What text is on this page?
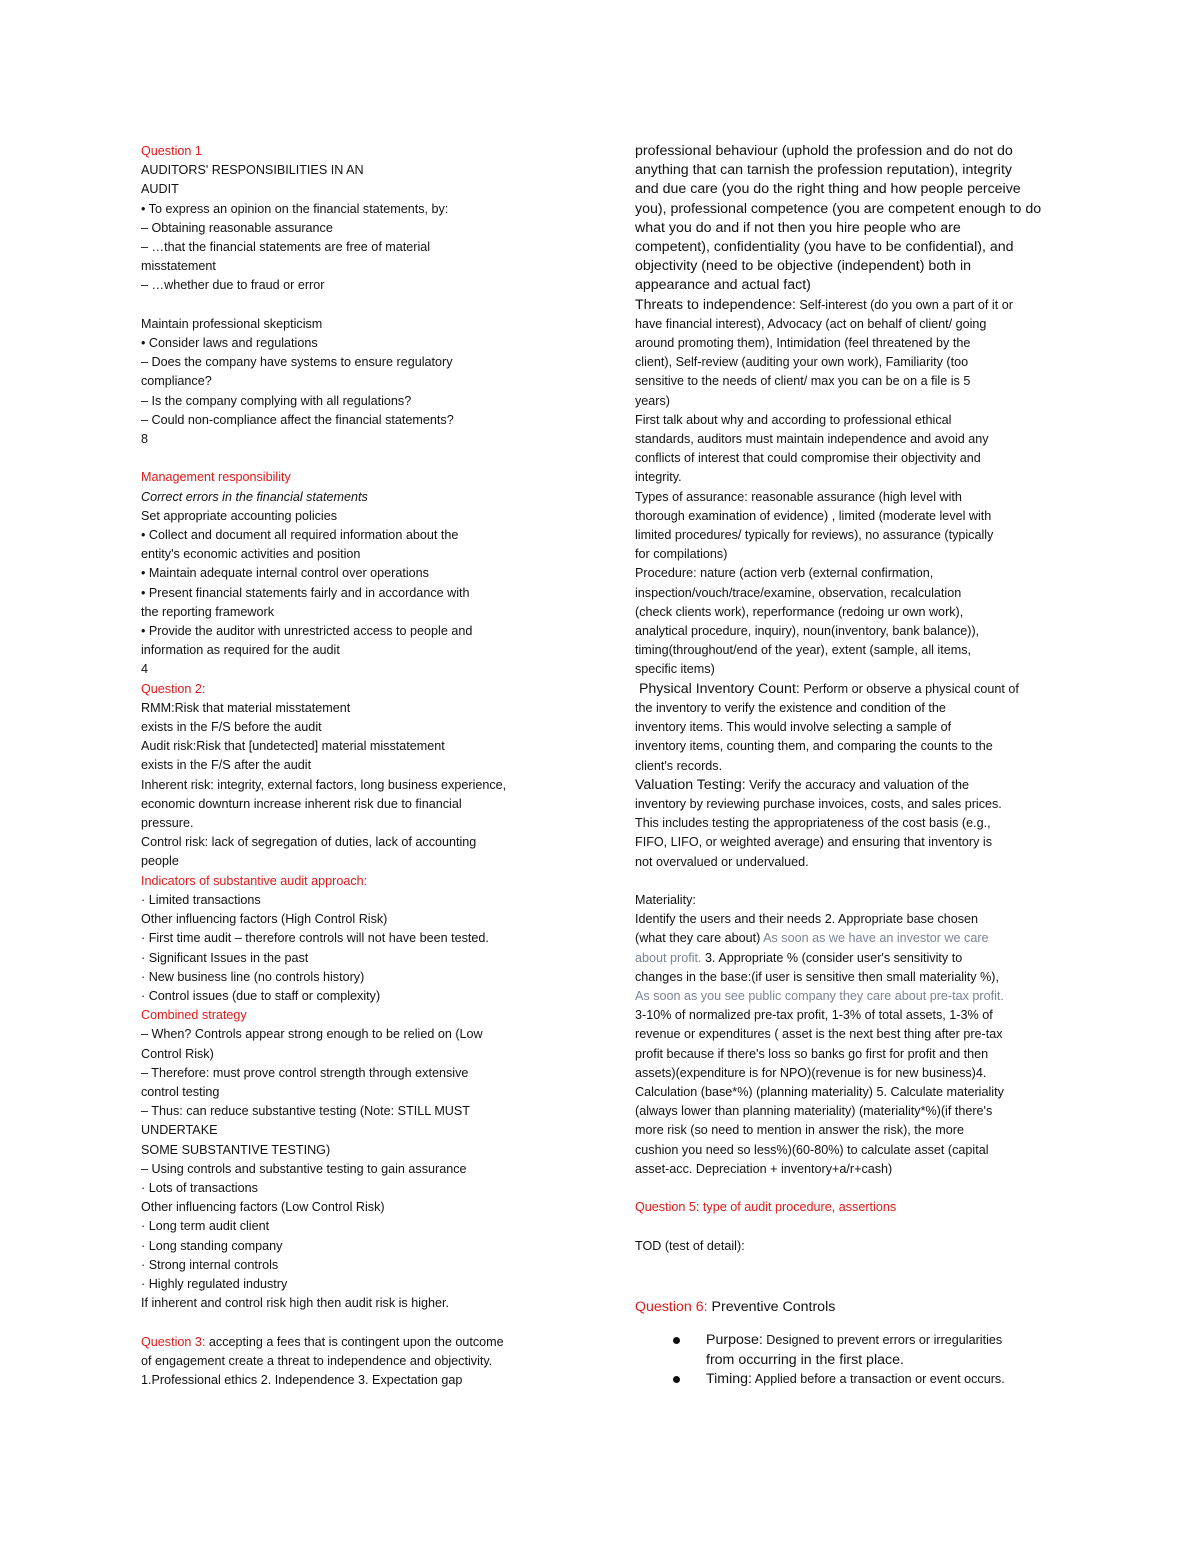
Question 1
AUDITORS' RESPONSIBILITIES IN AN
AUDIT
• To express an opinion on the financial statements, by:
– Obtaining reasonable assurance
– …that the financial statements are free of material
misstatement
– …whether due to fraud or error
Maintain professional skepticism
• Consider laws and regulations
– Does the company have systems to ensure regulatory
compliance?
– Is the company complying with all regulations?
– Could non-compliance affect the financial statements?
8
Management responsibility
Correct errors in the financial statements
Set appropriate accounting policies
• Collect and document all required information about the
entity's economic activities and position
• Maintain adequate internal control over operations
• Present financial statements fairly and in accordance with
the reporting framework
• Provide the auditor with unrestricted access to people and
information as required for the audit
4
Question 2:
RMM:Risk that material misstatement
exists in the F/S before the audit
Audit risk:Risk that [undetected] material misstatement
exists in the F/S after the audit
Inherent risk: integrity, external factors, long business experience,
economic downturn increase inherent risk due to financial
pressure.
Control risk: lack of segregation of duties, lack of accounting
people
Indicators of substantive audit approach:
· Limited transactions
Other influencing factors (High Control Risk)
· First time audit – therefore controls will not have been tested.
· Significant Issues in the past
· New business line (no controls history)
· Control issues (due to staff or complexity)
Combined strategy
– When? Controls appear strong enough to be relied on (Low
Control Risk)
– Therefore: must prove control strength through extensive
control testing
– Thus: can reduce substantive testing (Note: STILL MUST
UNDERTAKE
SOME SUBSTANTIVE TESTING)
– Using controls and substantive testing to gain assurance
· Lots of transactions
Other influencing factors (Low Control Risk)
· Long term audit client
· Long standing company
· Strong internal controls
· Highly regulated industry
If inherent and control risk high then audit risk is higher.
Question 3: accepting a fees that is contingent upon the outcome
of engagement create a threat to independence and objectivity.
1.Professional ethics 2. Independence 3. Expectation gap
professional behaviour (uphold the profession and do not do
anything that can tarnish the profession reputation), integrity
and due care (you do the right thing and how people perceive
you), professional competence (you are competent enough to do
what you do and if not then you hire people who are
competent), confidentiality (you have to be confidential), and
objectivity (need to be objective (independent) both in
appearance and actual fact)
Threats to independence: Self-interest (do you own a part of it or
have financial interest), Advocacy (act on behalf of client/ going
around promoting them), Intimidation (feel threatened by the
client), Self-review (auditing your own work), Familiarity (too
sensitive to the needs of client/ max you can be on a file is 5
years)
First talk about why and according to professional ethical
standards, auditors must maintain independence and avoid any
conflicts of interest that could compromise their objectivity and
integrity.
Types of assurance: reasonable assurance (high level with
thorough examination of evidence) , limited (moderate level with
limited procedures/ typically for reviews), no assurance (typically
for compilations)
Procedure: nature (action verb (external confirmation,
inspection/vouch/trace/examine, observation, recalculation
(check clients work), reperformance (redoing ur own work),
analytical procedure, inquiry), noun(inventory, bank balance)),
timing(throughout/end of the year), extent (sample, all items,
specific items)
Physical Inventory Count: Perform or observe a physical count of
the inventory to verify the existence and condition of the
inventory items. This would involve selecting a sample of
inventory items, counting them, and comparing the counts to the
client's records.
Valuation Testing: Verify the accuracy and valuation of the
inventory by reviewing purchase invoices, costs, and sales prices.
This includes testing the appropriateness of the cost basis (e.g.,
FIFO, LIFO, or weighted average) and ensuring that inventory is
not overvalued or undervalued.
Materiality:
Identify the users and their needs 2. Appropriate base chosen
(what they care about) As soon as we have an investor we care
about profit. 3. Appropriate % (consider user's sensitivity to
changes in the base:(if user is sensitive then small materiality %),
As soon as you see public company they care about pre-tax profit.
3-10% of normalized pre-tax profit, 1-3% of total assets, 1-3% of
revenue or expenditures ( asset is the next best thing after pre-tax
profit because if there's loss so banks go first for profit and then
assets)(expenditure is for NPO)(revenue is for new business)4.
Calculation (base*%) (planning materiality) 5. Calculate materiality
(always lower than planning materiality) (materiality*%)(if there's
more risk (so need to mention in answer the risk), the more
cushion you need so less%)(60-80%) to calculate asset (capital
asset-acc. Depreciation + inventory+a/r+cash)
Question 5: type of audit procedure, assertions
TOD (test of detail):
Question 6: Preventive Controls
Purpose: Designed to prevent errors or irregularities
from occurring in the first place.
Timing: Applied before a transaction or event occurs.
